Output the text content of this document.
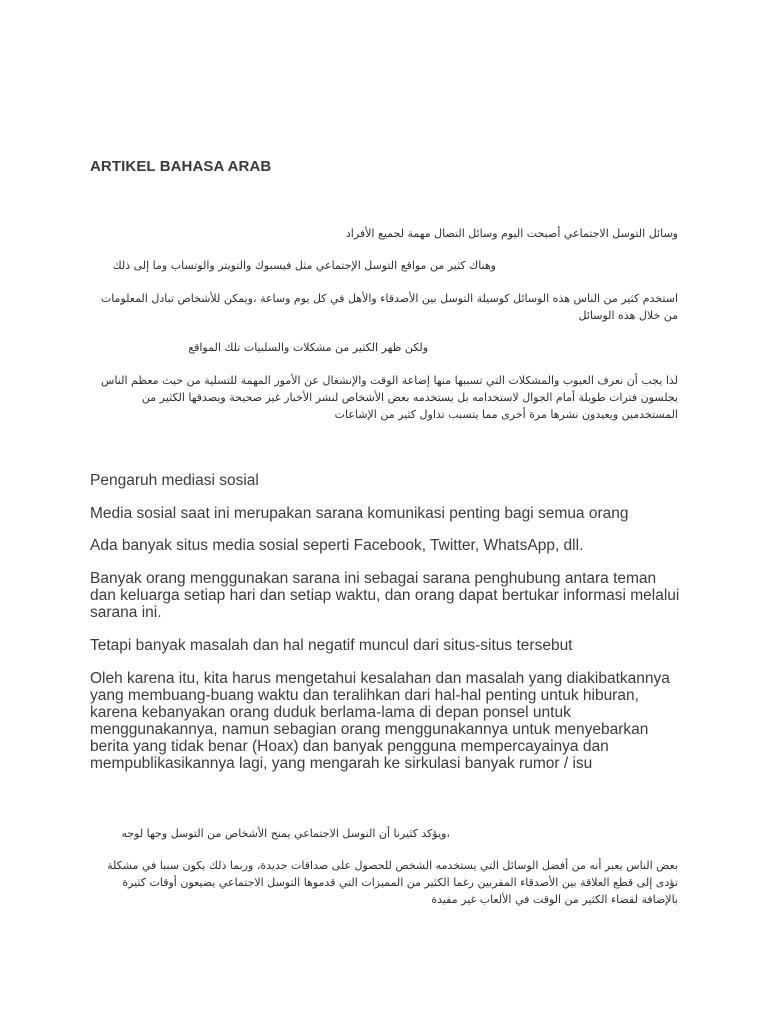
ARTIKEL BAHASA ARAB
وسائل التوسل الاجتماعي أصبحت اليوم وسائل التصال مهمة لجميع الأفراد
وهناك كثير من مواقع التوسل الإجتماعي مثل فيسبوك والتويتر والوتساب وما إلى ذلك
استخدم كثير من الناس هذه الوسائل كوسيلة التوسل بين الأصدقاء والأهل في كل يوم وساعة ،ويمكن للأشخاص تبادل المعلومات من خلال هذه الوسائل
ولكن ظهر الكثير من مشكلات والسلبيات تلك المواقع
لذا يجب أن نعرف العيوب والمشكلات التي تسببها منها إضاعة الوقت والإنشغال عن الأمور المهمة للتسلية من حيث معظم الناس يجلسون فترات طويلة أمام الجوال لاستخدامه بل يستخدمه بعض الأشخاص لنشر الأخبار غير صحيحة ويصدقها الكثير من المستخدمين ويعيدون نشرها مرة أخرى مما يتسبب تداول كثير من الإشاعات
Pengaruh mediasi sosial
Media sosial saat ini merupakan sarana komunikasi penting bagi semua orang
Ada banyak situs media sosial seperti Facebook, Twitter, WhatsApp, dll.
Banyak orang menggunakan sarana ini sebagai sarana penghubung antara teman dan keluarga setiap hari dan setiap waktu, dan orang dapat bertukar informasi melalui sarana ini.
Tetapi banyak masalah dan hal negatif muncul dari situs-situs tersebut
Oleh karena itu, kita harus mengetahui kesalahan dan masalah yang diakibatkannya yang membuang-buang waktu dan teralihkan dari hal-hal penting untuk hiburan, karena kebanyakan orang duduk berlama-lama di depan ponsel untuk menggunakannya, namun sebagian orang menggunakannya untuk menyebarkan berita yang tidak benar (Hoax) dan banyak pengguna mempercayainya dan mempublikasikannya lagi, yang mengarah ke sirkulasi banyak rumor / isu
،ويؤكد كثيرنا أن التوسل الاجتماعي يمنح الأشخاص من التوسل وجها لوجه
بعض الناس يعبر أنه من أفضل الوسائل التي يستخدمه الشخص للحصول على صداقات جديدة، وربما ذلك يكون سببا في مشكلة تؤدى إلى قطع العلاقة بين الأصدقاء المقربين رغما الكثير من المميزات التي قدموها التوسل الاجتماعي يضيعون أوقات كثيرة بالإضافة لقضاء الكثير من الوقت في الألعاب غير مفيدة
